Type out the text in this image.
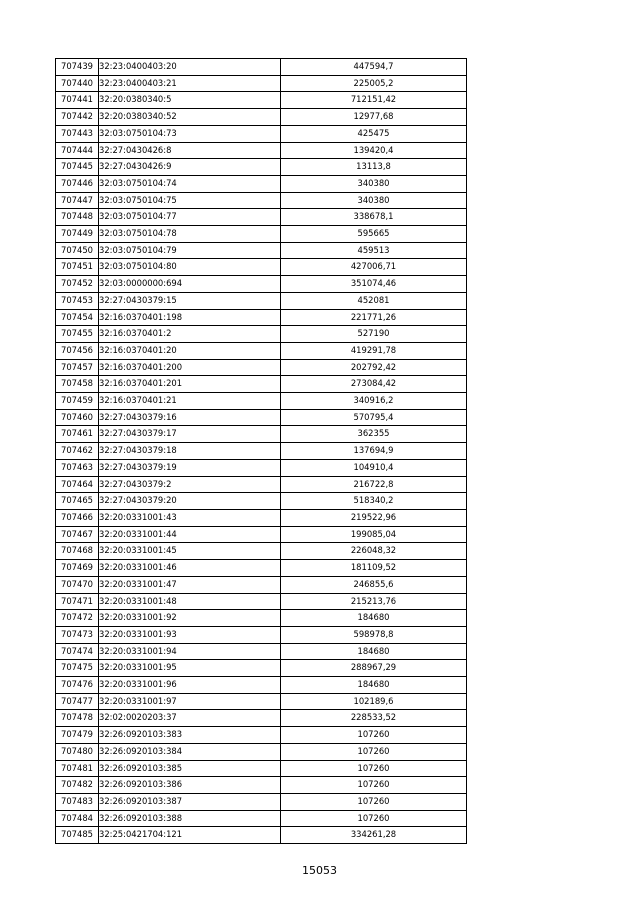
707439	32:23:0400403:20	447594,7
707440	32:23:0400403:21	225005,2
707441	32:20:0380340:5	712151,42
707442	32:20:0380340:52	12977,68
707443	32:03:0750104:73	425475
707444	32:27:0430426:8	139420,4
707445	32:27:0430426:9	13113,8
707446	32:03:0750104:74	340380
707447	32:03:0750104:75	340380
707448	32:03:0750104:77	338678,1
707449	32:03:0750104:78	595665
707450	32:03:0750104:79	459513
707451	32:03:0750104:80	427006,71
707452	32:03:0000000:694	351074,46
707453	32:27:0430379:15	452081
707454	32:16:0370401:198	221771,26
707455	32:16:0370401:2	527190
707456	32:16:0370401:20	419291,78
707457	32:16:0370401:200	202792,42
707458	32:16:0370401:201	273084,42
707459	32:16:0370401:21	340916,2
707460	32:27:0430379:16	570795,4
707461	32:27:0430379:17	362355
707462	32:27:0430379:18	137694,9
707463	32:27:0430379:19	104910,4
707464	32:27:0430379:2	216722,8
707465	32:27:0430379:20	518340,2
707466	32:20:0331001:43	219522,96
707467	32:20:0331001:44	199085,04
707468	32:20:0331001:45	226048,32
707469	32:20:0331001:46	181109,52
707470	32:20:0331001:47	246855,6
707471	32:20:0331001:48	215213,76
707472	32:20:0331001:92	184680
707473	32:20:0331001:93	598978,8
707474	32:20:0331001:94	184680
707475	32:20:0331001:95	288967,29
707476	32:20:0331001:96	184680
707477	32:20:0331001:97	102189,6
707478	32:02:0020203:37	228533,52
707479	32:26:0920103:383	107260
707480	32:26:0920103:384	107260
707481	32:26:0920103:385	107260
707482	32:26:0920103:386	107260
707483	32:26:0920103:387	107260
707484	32:26:0920103:388	107260
707485	32:25:0421704:121	334261,28
15053
